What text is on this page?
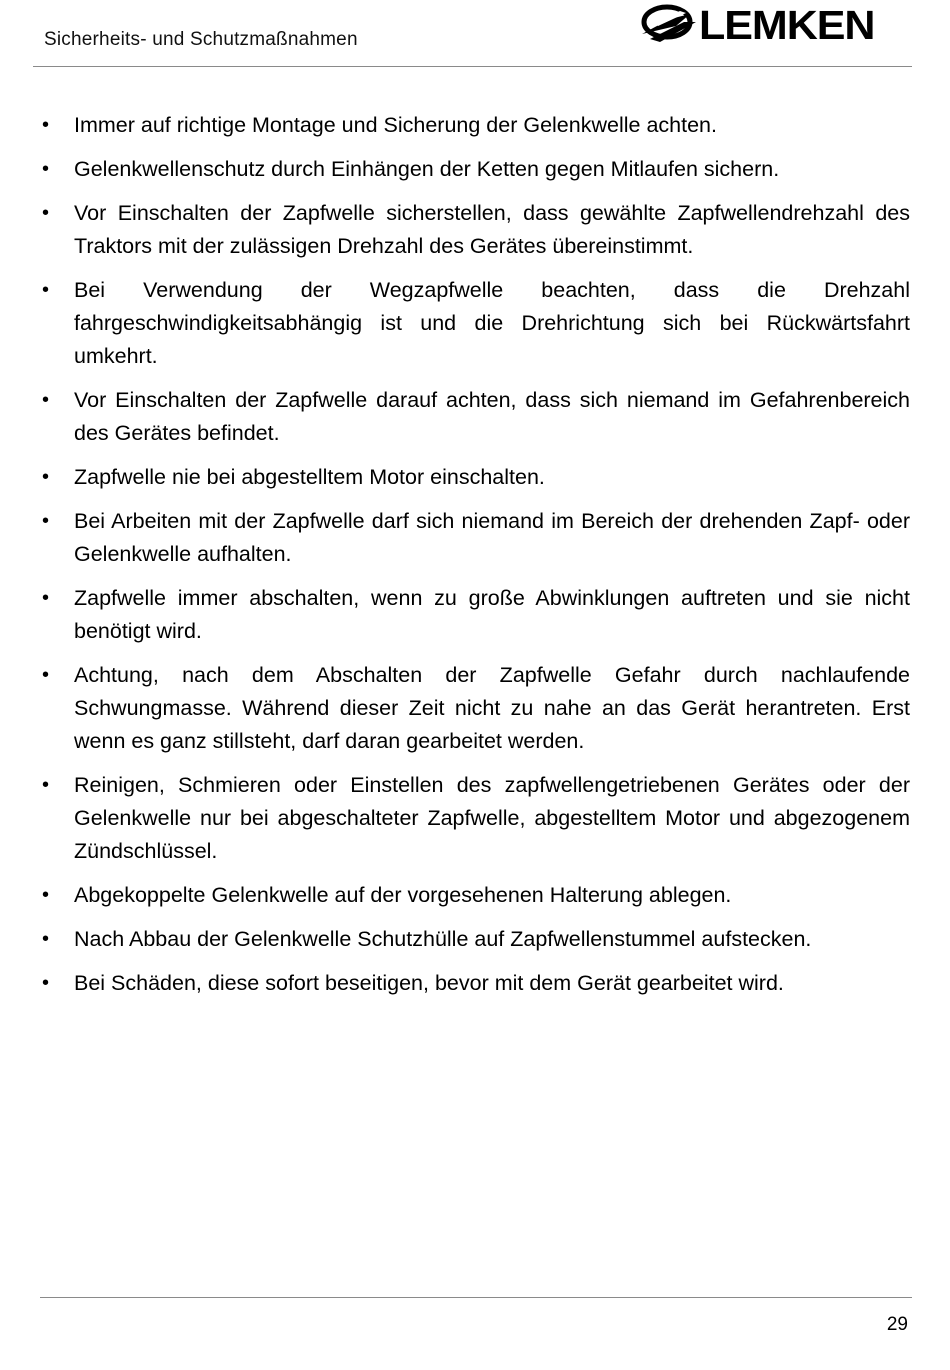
Sicherheits- und Schutzmaßnahmen	LEMKEN
• Immer auf richtige Montage und Sicherung der Gelenkwelle achten.
• Gelenkwellenschutz durch Einhängen der Ketten gegen Mitlaufen sichern.
• Vor Einschalten der Zapfwelle sicherstellen, dass gewählte Zapfwellendrehzahl des Traktors mit der zulässigen Drehzahl des Gerätes übereinstimmt.
• Bei Verwendung der Wegzapfwelle beachten, dass die Drehzahl fahrgeschwindigkeitsabhängig ist und die Drehrichtung sich bei Rückwärtsfahrt umkehrt.
• Vor Einschalten der Zapfwelle darauf achten, dass sich niemand im Gefahrenbereich des Gerätes befindet.
• Zapfwelle nie bei abgestelltem Motor einschalten.
• Bei Arbeiten mit der Zapfwelle darf sich niemand im Bereich der drehenden Zapf- oder Gelenkwelle aufhalten.
• Zapfwelle immer abschalten, wenn zu große Abwinklungen auftreten und sie nicht benötigt wird.
• Achtung, nach dem Abschalten der Zapfwelle Gefahr durch nachlaufende Schwungmasse. Während dieser Zeit nicht zu nahe an das Gerät herantreten. Erst wenn es ganz stillsteht, darf daran gearbeitet werden.
• Reinigen, Schmieren oder Einstellen des zapfwellengetriebenen Gerätes oder der Gelenkwelle nur bei abgeschalteter Zapfwelle, abgestelltem Motor und abgezogenem Zündschlüssel.
• Abgekoppelte Gelenkwelle auf der vorgesehenen Halterung ablegen.
• Nach Abbau der Gelenkwelle Schutzhülle auf Zapfwellenstummel aufstecken.
• Bei Schäden, diese sofort beseitigen, bevor mit dem Gerät gearbeitet wird.
29
